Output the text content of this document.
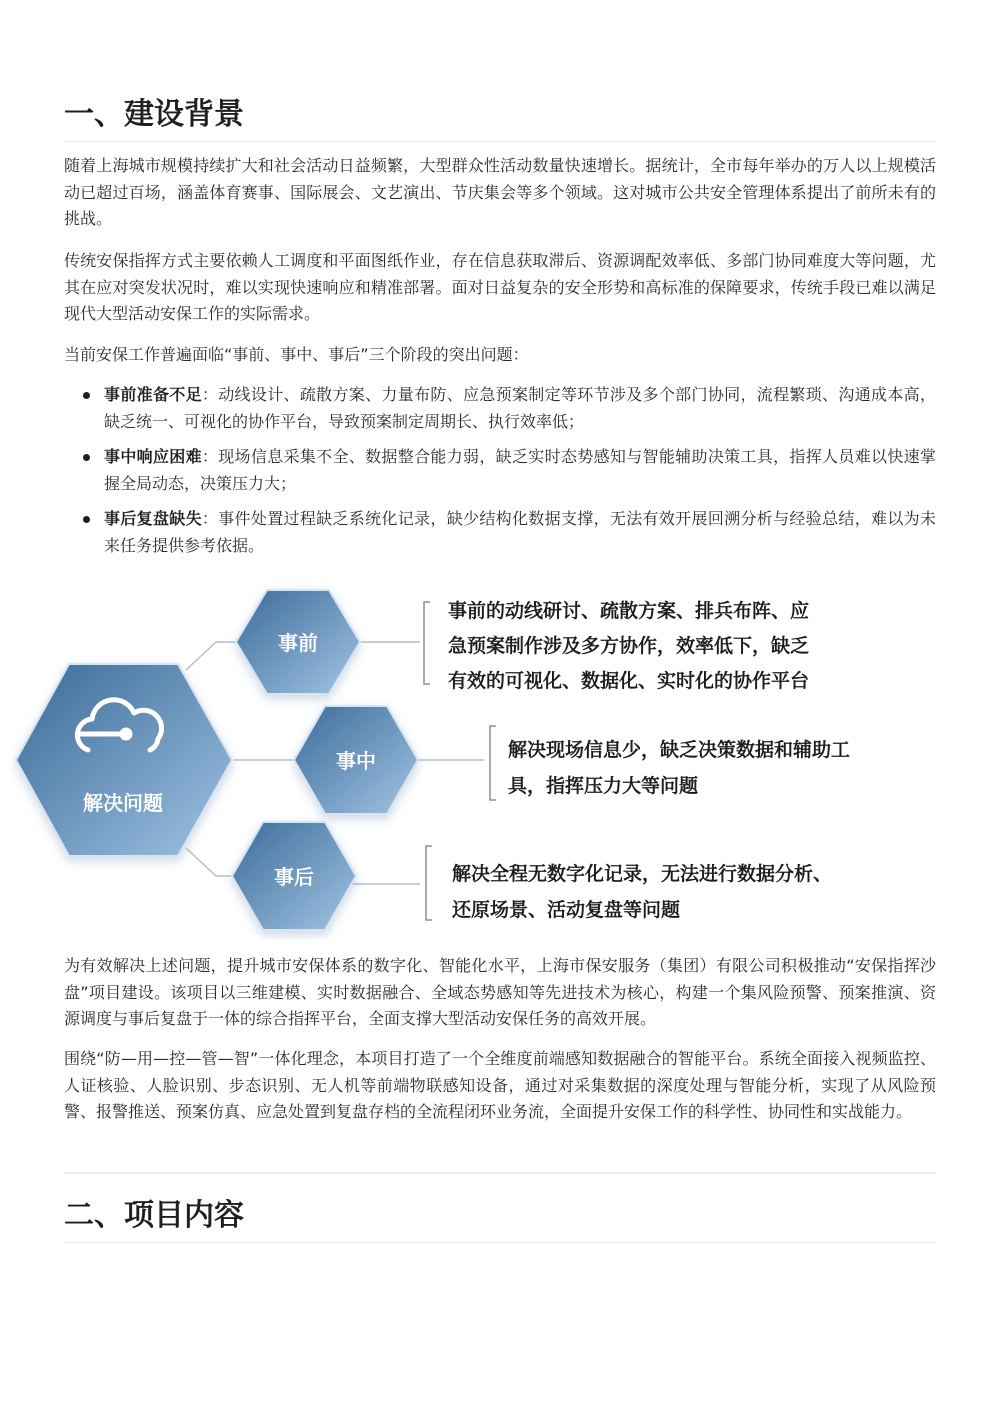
一、建设背景

随着上海城市规模持续扩大和社会活动日益频繁，大型群众性活动数量快速增长。据统计，全市每年举办的万人以上规模活动已超过百场，涵盖体育赛事、国际展会、文艺演出、节庆集会等多个领域。这对城市公共安全管理体系提出了前所未有的挑战。

传统安保指挥方式主要依赖人工调度和平面图纸作业，存在信息获取滞后、资源调配效率低、多部门协同难度大等问题，尤其在应对突发状况时，难以实现快速响应和精准部署。面对日益复杂的安全形势和高标准的保障要求，传统手段已难以满足现代大型活动安保工作的实际需求。

当前安保工作普遍面临“事前、事中、事后”三个阶段的突出问题：

事前准备不足：动线设计、疏散方案、力量布防、应急预案制定等环节涉及多个部门协同，流程繁琐、沟通成本高，缺乏统一、可视化的协作平台，导致预案制定周期长、执行效率低；
事中响应困难：现场信息采集不全、数据整合能力弱，缺乏实时态势感知与智能辅助决策工具，指挥人员难以快速掌握全局动态，决策压力大；
事后复盘缺失：事件处置过程缺乏系统化记录，缺少结构化数据支撑，无法有效开展回溯分析与经验总结，难以为未来任务提供参考依据。

为有效解决上述问题，提升城市安保体系的数字化、智能化水平，上海市保安服务（集团）有限公司积极推动“安保指挥沙盘”项目建设。该项目以三维建模、实时数据融合、全域态势感知等先进技术为核心，构建一个集风险预警、预案推演、资源调度与事后复盘于一体的综合指挥平台，全面支撑大型活动安保任务的高效开展。

围绕“防—用—控—管—智”一体化理念，本项目打造了一个全维度前端感知数据融合的智能平台。系统全面接入视频监控、人证核验、人脸识别、步态识别、无人机等前端物联感知设备，通过对采集数据的深度处理与智能分析，实现了从风险预警、报警推送、预案仿真、应急处置到复盘存档的全流程闭环业务流，全面提升安保工作的科学性、协同性和实战能力。

二、项目内容
解决问题
事前
事中
事后
事前的动线研讨、疏散方案、排兵布阵、应
急预案制作涉及多方协作，效率低下，缺乏
有效的可视化、数据化、实时化的协作平台
解决现场信息少，缺乏决策数据和辅助工
具，指挥压力大等问题
解决全程无数字化记录，无法进行数据分析、
还原场景、活动复盘等问题
